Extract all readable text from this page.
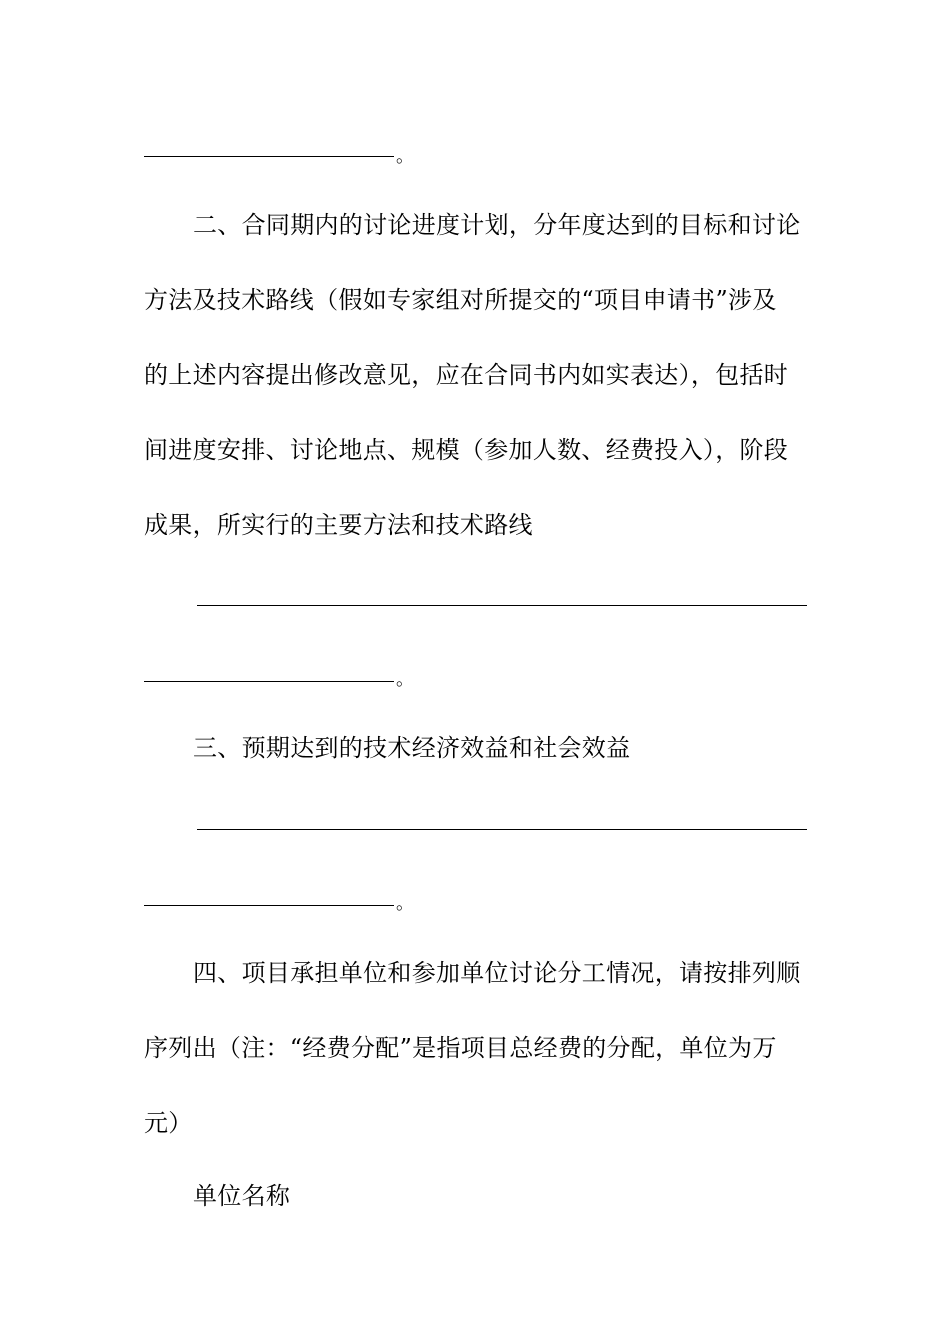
。
二、合同期内的讨论进度计划，分年度达到的目标和讨论
方法及技术路线（假如专家组对所提交的“项目申请书”涉及
的上述内容提出修改意见，应在合同书内如实表达），包括时
间进度安排、讨论地点、规模（参加人数、经费投入），阶段
成果，所实行的主要方法和技术路线
。
三、预期达到的技术经济效益和社会效益
。
四、项目承担单位和参加单位讨论分工情况，请按排列顺
序列出（注：“经费分配”是指项目总经费的分配，单位为万
元）
单位名称
